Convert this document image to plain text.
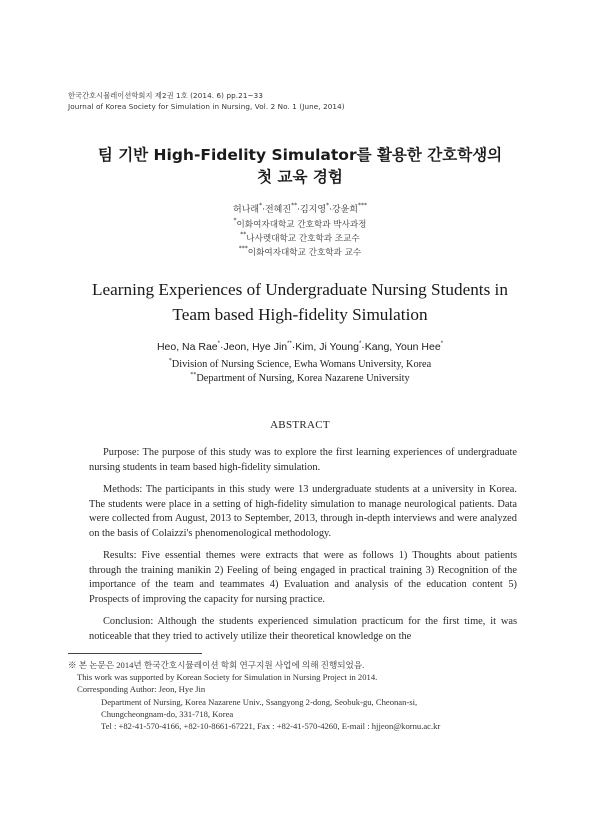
한국간호시뮬레이션학회지 제2권 1호 (2014. 6) pp.21~33
Journal of Korea Society for Simulation in Nursing, Vol. 2 No. 1 (June, 2014)
팀 기반 High-Fidelity Simulator를 활용한 간호학생의
첫 교육 경험
허나래*·전혜진**·김지영*·강윤희***
*이화여자대학교 간호학과 박사과정
**나사렛대학교 간호학과 조교수
***이화여자대학교 간호학과 교수
Learning Experiences of Undergraduate Nursing Students in
Team based High-fidelity Simulation
Heo, Na Rae*·Jeon, Hye Jin**·Kim, Ji Young*·Kang, Youn Hee*
*Division of Nursing Science, Ewha Womans University, Korea
**Department of Nursing, Korea Nazarene University
ABSTRACT

Purpose: The purpose of this study was to explore the first learning experiences of undergraduate nursing students in team based high-fidelity simulation.

Methods: The participants in this study were 13 undergraduate students at a university in Korea. The students were place in a setting of high-fidelity simulation to manage neurological patients. Data were collected from August, 2013 to September, 2013, through in-depth interviews and were analyzed on the basis of Colaizzi's phenomenological methodology.

Results: Five essential themes were extracts that were as follows 1) Thoughts about patients through the training manikin 2) Feeling of being engaged in practical training 3) Recognition of the importance of the team and teammates 4) Evaluation and analysis of the education content 5) Prospects of improving the capacity for nursing practice.

Conclusion: Although the students experienced simulation practicum for the first time, it was noticeable that they tried to actively utilize their theoretical knowledge on the

※ 본 논문은 2014년 한국간호시뮬레이션 학회 연구지원 사업에 의해 진행되었음.
This work was supported by Korean Society for Simulation in Nursing Project in 2014.
Corresponding Author: Jeon, Hye Jin
Department of Nursing, Korea Nazarene Univ., Ssangyong 2-dong, Seobuk-gu, Cheonan-si,
Chungcheongnam-do, 331-718, Korea
Tel : +82-41-570-4166, +82-10-8661-67221, Fax : +82-41-570-4260, E-mail : hjjeon@kornu.ac.kr
